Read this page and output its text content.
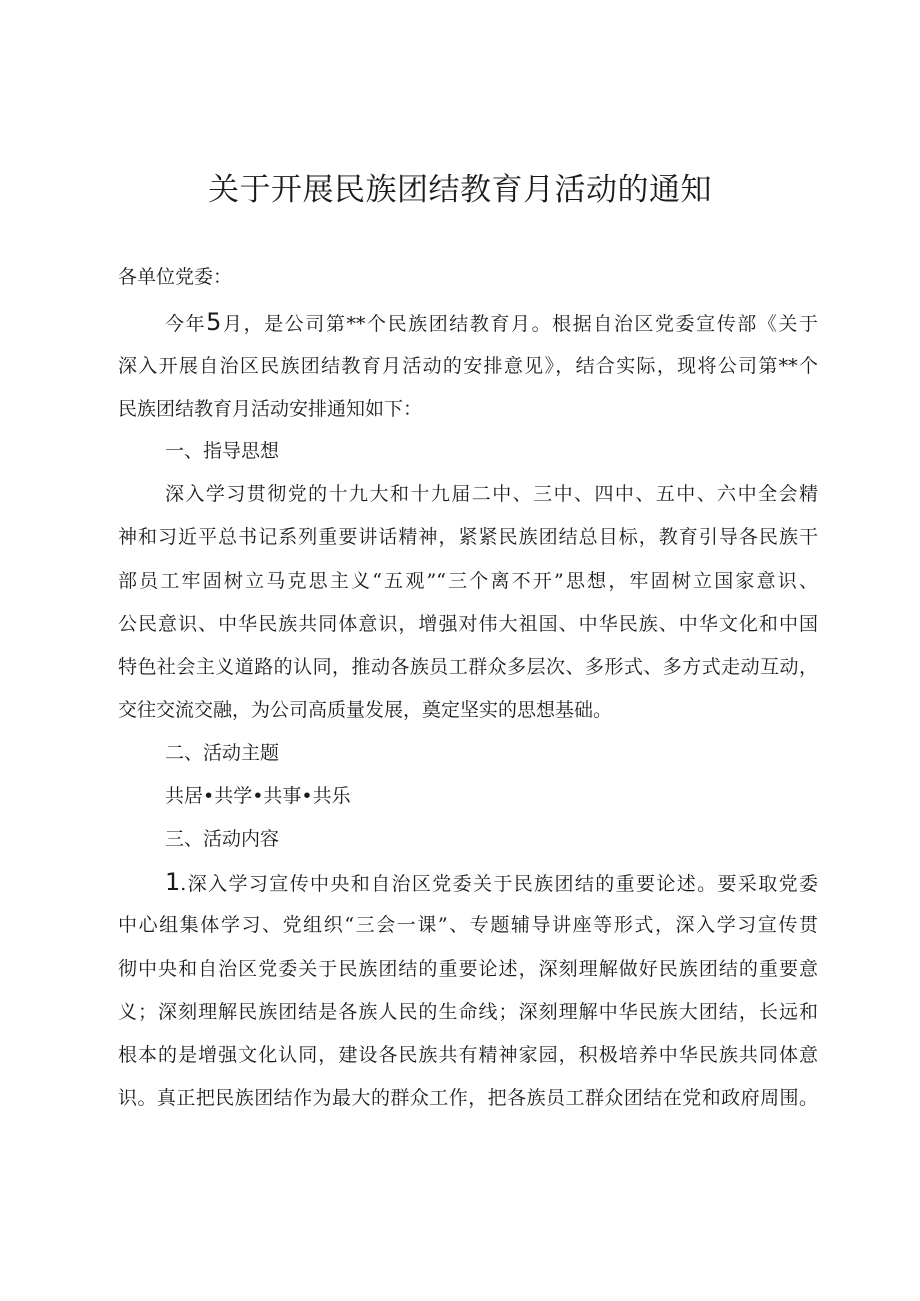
关于开展民族团结教育月活动的通知
各单位党委：
今年5月，是公司第**个民族团结教育月。根据自治区党委宣传部《关于
深入开展自治区民族团结教育月活动的安排意见》，结合实际，现将公司第**个
民族团结教育月活动安排通知如下：
一、指导思想
深入学习贯彻党的十九大和十九届二中、三中、四中、五中、六中全会精
神和习近平总书记系列重要讲话精神，紧紧民族团结总目标，教育引导各民族干
部员工牢固树立马克思主义“五观”“三个离不开”思想，牢固树立国家意识、
公民意识、中华民族共同体意识，增强对伟大祖国、中华民族、中华文化和中国
特色社会主义道路的认同，推动各族员工群众多层次、多形式、多方式走动互动，
交往交流交融，为公司高质量发展，奠定坚实的思想基础。
二、活动主题
共居•共学•共事•共乐
三、活动内容
1.深入学习宣传中央和自治区党委关于民族团结的重要论述。要采取党委
中心组集体学习、党组织“三会一课”、专题辅导讲座等形式，深入学习宣传贯
彻中央和自治区党委关于民族团结的重要论述，深刻理解做好民族团结的重要意
义；深刻理解民族团结是各族人民的生命线；深刻理解中华民族大团结，长远和
根本的是增强文化认同，建设各民族共有精神家园，积极培养中华民族共同体意
识。真正把民族团结作为最大的群众工作，把各族员工群众团结在党和政府周围。
